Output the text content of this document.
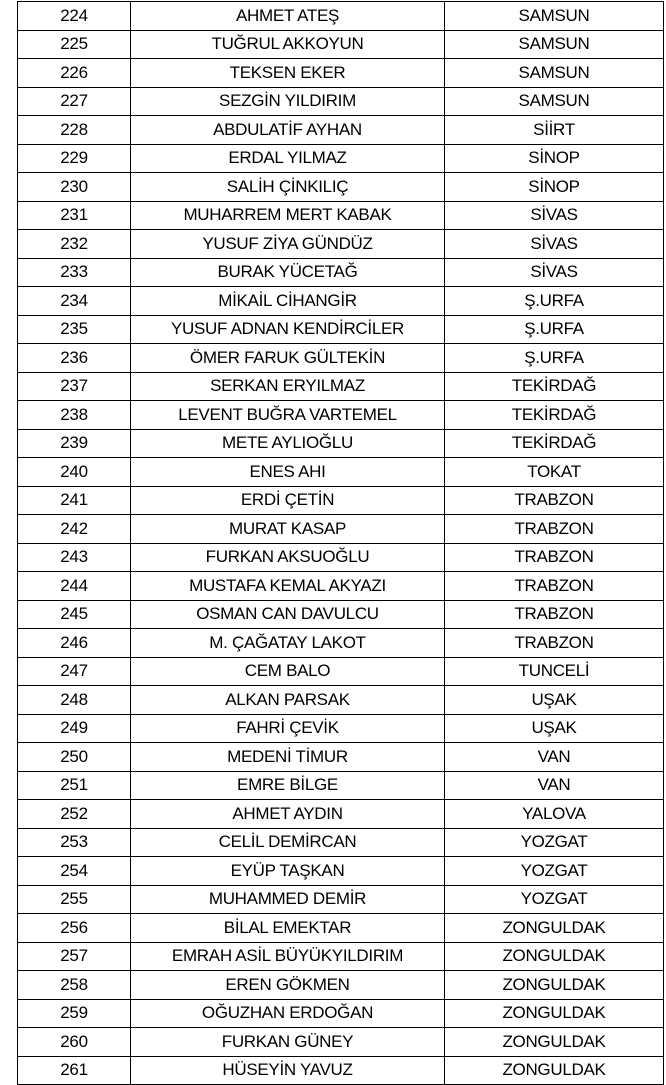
224	AHMET ATEŞ	SAMSUN
225	TUĞRUL AKKOYUN	SAMSUN
226	TEKSEN EKER	SAMSUN
227	SEZGİN YILDIRIM	SAMSUN
228	ABDULATİF AYHAN	SİİRT
229	ERDAL YILMAZ	SİNOP
230	SALİH ÇİNKILIÇ	SİNOP
231	MUHARREM MERT KABAK	SİVAS
232	YUSUF ZİYA GÜNDÜZ	SİVAS
233	BURAK YÜCETAĞ	SİVAS
234	MİKAİL CİHANGİR	Ş.URFA
235	YUSUF ADNAN KENDİRCİLER	Ş.URFA
236	ÖMER FARUK GÜLTEKİN	Ş.URFA
237	SERKAN ERYILMAZ	TEKİRDAĞ
238	LEVENT BUĞRA VARTEMEL	TEKİRDAĞ
239	METE AYLIOĞLU	TEKİRDAĞ
240	ENES AHI	TOKAT
241	ERDİ ÇETİN	TRABZON
242	MURAT KASAP	TRABZON
243	FURKAN AKSUOĞLU	TRABZON
244	MUSTAFA KEMAL AKYAZI	TRABZON
245	OSMAN CAN DAVULCU	TRABZON
246	M. ÇAĞATAY LAKOT	TRABZON
247	CEM BALO	TUNCELİ
248	ALKAN PARSAK	UŞAK
249	FAHRİ ÇEVİK	UŞAK
250	MEDENİ TİMUR	VAN
251	EMRE BİLGE	VAN
252	AHMET AYDIN	YALOVA
253	CELİL DEMİRCAN	YOZGAT
254	EYÜP TAŞKAN	YOZGAT
255	MUHAMMED DEMİR	YOZGAT
256	BİLAL EMEKTAR	ZONGULDAK
257	EMRAH ASİL BÜYÜKYILDIRIM	ZONGULDAK
258	EREN GÖKMEN	ZONGULDAK
259	OĞUZHAN ERDOĞAN	ZONGULDAK
260	FURKAN GÜNEY	ZONGULDAK
261	HÜSEYİN YAVUZ	ZONGULDAK
